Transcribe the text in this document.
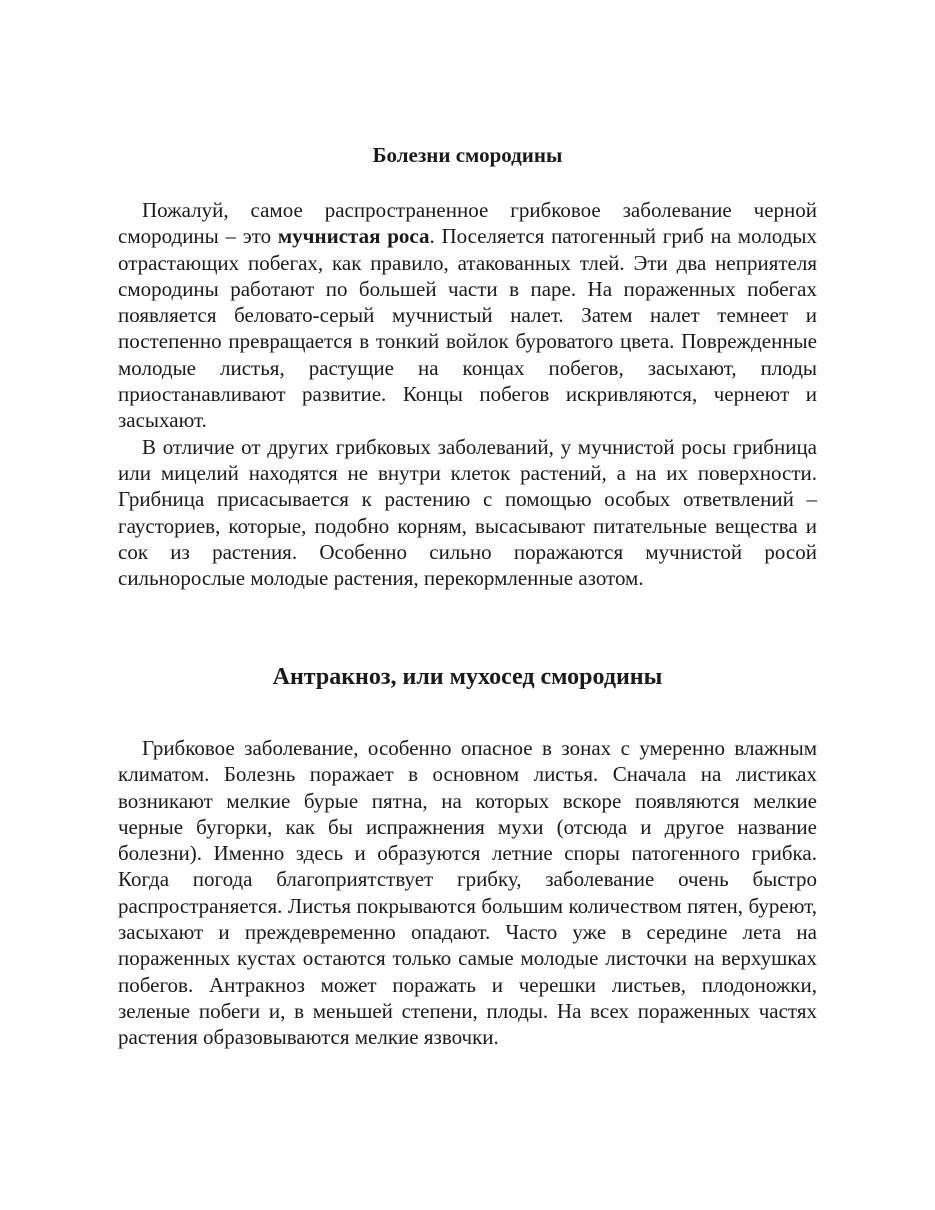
Болезни смородины

Пожалуй, самое распространенное грибковое заболевание черной смородины – это мучнистая роса. Поселяется патогенный гриб на молодых отрастающих побегах, как правило, атакованных тлей. Эти два неприятеля смородины работают по большей части в паре. На пораженных побегах появляется беловато-серый мучнистый налет. Затем налет темнеет и постепенно превращается в тонкий войлок буроватого цвета. Поврежденные молодые листья, растущие на концах побегов, засыхают, плоды приостанавливают развитие. Концы побегов искривляются, чернеют и засыхают.

В отличие от других грибковых заболеваний, у мучнистой росы грибница или мицелий находятся не внутри клеток растений, а на их поверхности. Грибница присасывается к растению с помощью особых ответвлений – гаусториев, которые, подобно корням, высасывают питательные вещества и сок из растения. Особенно сильно поражаются мучнистой росой сильнорослые молодые растения, перекормленные азотом.

Антракноз, или мухосед смородины

Грибковое заболевание, особенно опасное в зонах с умеренно влажным климатом. Болезнь поражает в основном листья. Сначала на листиках возникают мелкие бурые пятна, на которых вскоре появляются мелкие черные бугорки, как бы испражнения мухи (отсюда и другое название болезни). Именно здесь и образуются летние споры патогенного грибка. Когда погода благоприятствует грибку, заболевание очень быстро распространяется. Листья покрываются большим количеством пятен, буреют, засыхают и преждевременно опадают. Часто уже в середине лета на пораженных кустах остаются только самые молодые листочки на верхушках побегов. Антракноз может поражать и черешки листьев, плодоножки, зеленые побеги и, в меньшей степени, плоды. На всех пораженных частях растения образовываются мелкие язвочки.
